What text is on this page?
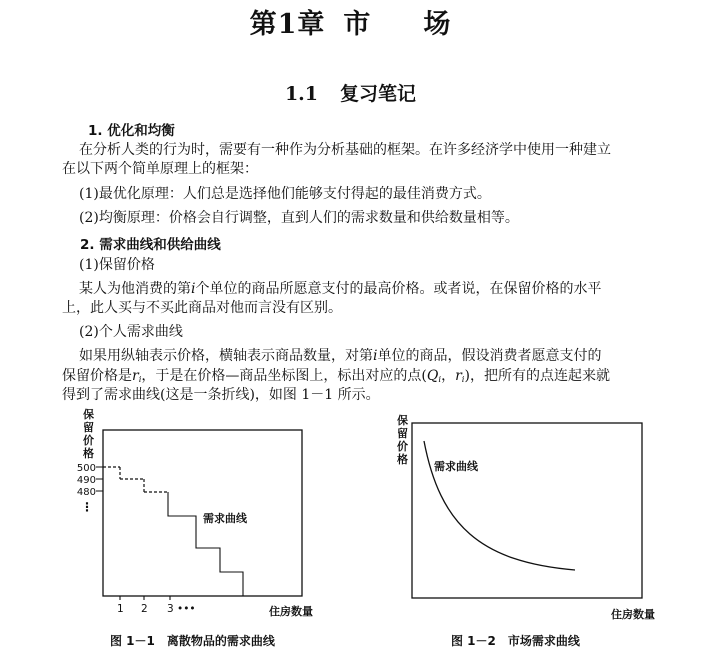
第1章 市 场
1.1 复习笔记
1. 优化和均衡
在分析人类的行为时，需要有一种作为分析基础的框架。在许多经济学中使用一种建立
在以下两个简单原理上的框架：
(1)最优化原理：人们总是选择他们能够支付得起的最佳消费方式。
(2)均衡原理：价格会自行调整，直到人们的需求数量和供给数量相等。
2. 需求曲线和供给曲线
(1)保留价格
某人为他消费的第i个单位的商品所愿意支付的最高价格。或者说，在保留价格的水平
上，此人买与不买此商品对他而言没有区别。
(2)个人需求曲线
如果用纵轴表示价格，横轴表示商品数量，对第i单位的商品，假设消费者愿意支付的
保留价格是$r_i$，于是在价格—商品坐标图上，标出对应的点($Q_i$，$r_i$)，把所有的点连起来就
得到了需求曲线(这是一条折线)，如图 1－1 所示。
保
留
价
格
500
490
480
⋮
1 2 3 •••
需求曲线
住房数量
图 1－1　离散物品的需求曲线
保
留
价
格
需求曲线
住房数量
图 1－2　市场需求曲线
